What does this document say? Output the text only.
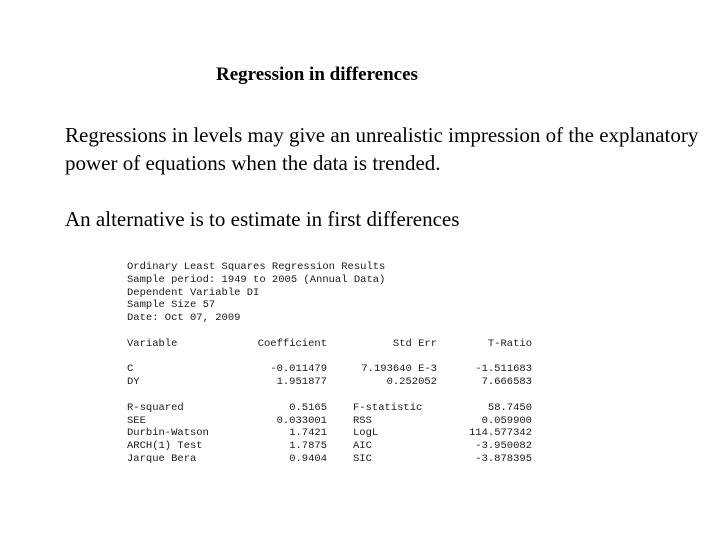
Regression in differences

Regressions in levels may give an unrealistic impression of the explanatory power of equations when the data is trended.

An alternative is to estimate in first differences

Ordinary Least Squares Regression Results
Sample period: 1949 to 2005 (Annual Data)
Dependent Variable DI
Sample Size 57
Date: Oct 07, 2009
Variable	Coefficient	Std Err	T-Ratio
C	-0.011479	7.193640 E-3	-1.511683
DY	1.951877	0.252052	7.666583
R-squared	0.5165	F-statistic	58.7450
SEE	0.033001	RSS	0.059900
Durbin-Watson	1.7421	LogL	114.577342
ARCH(1) Test	1.7875	AIC	-3.950082
Jarque Bera	0.9404	SIC	-3.878395
